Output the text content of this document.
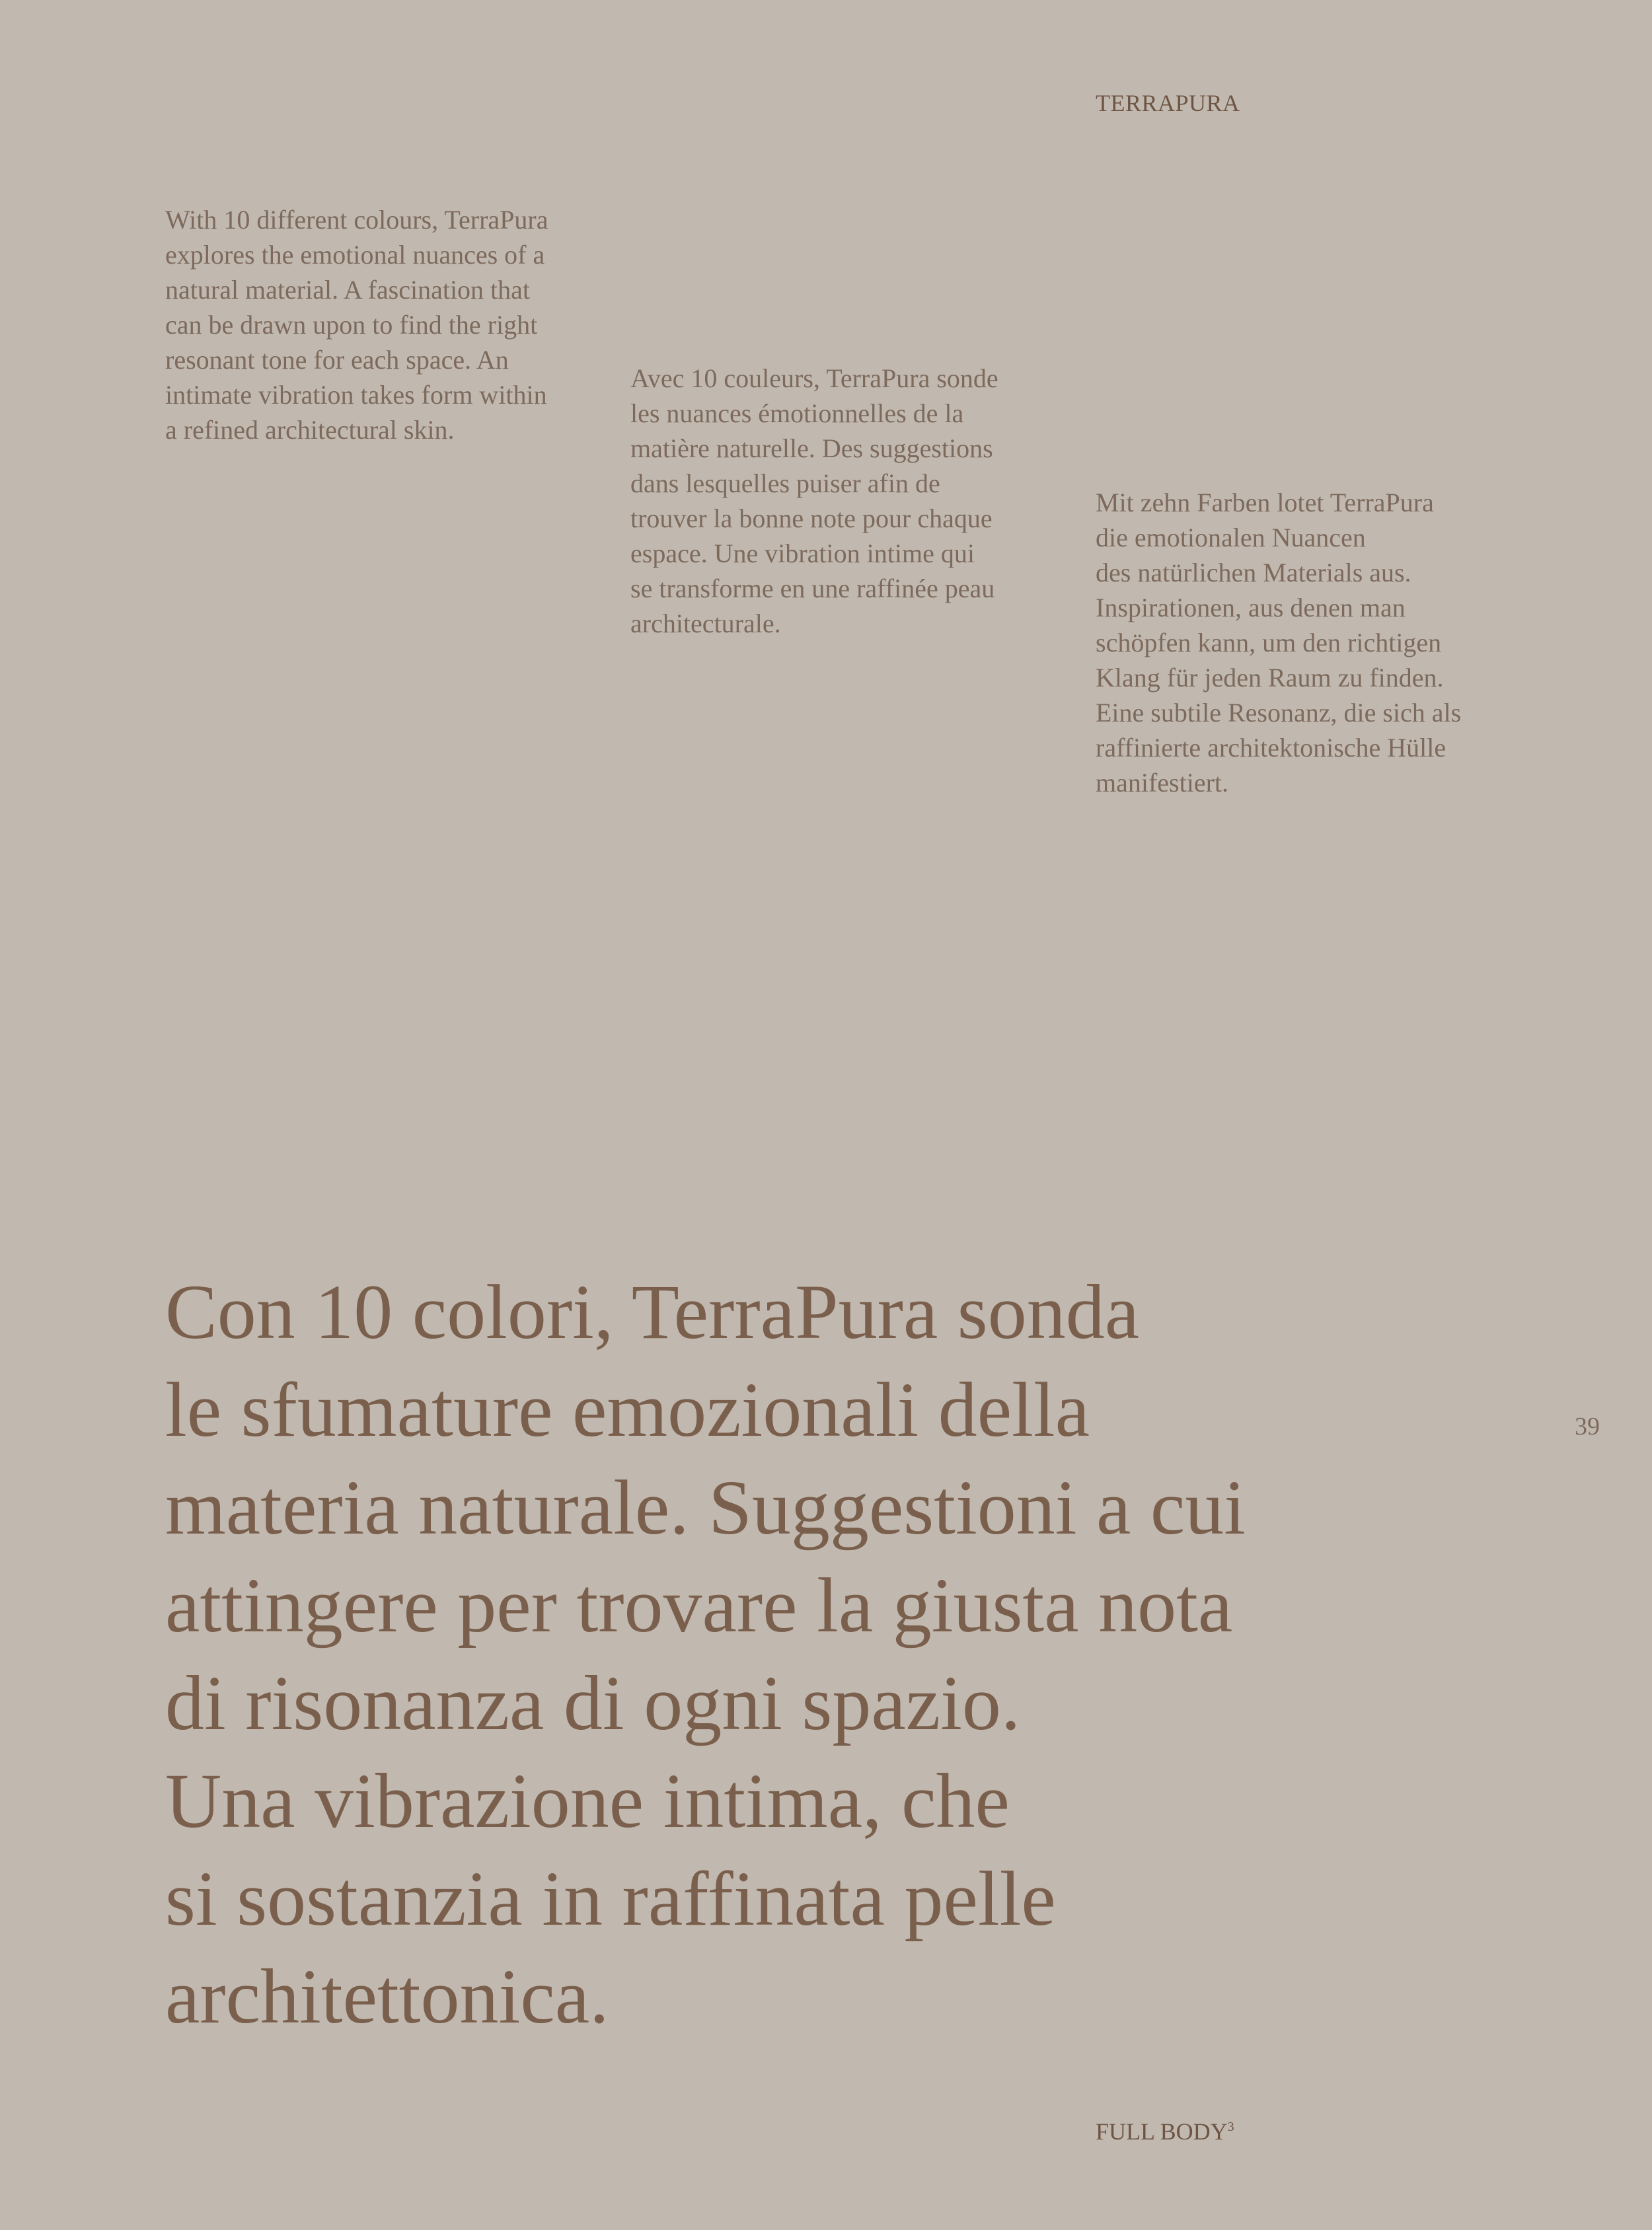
TERRAPURA

With 10 different colours, TerraPura
explores the emotional nuances of a
natural material. A fascination that
can be drawn upon to find the right
resonant tone for each space. An
intimate vibration takes form within
a refined architectural skin.
Avec 10 couleurs, TerraPura sonde
les nuances émotionnelles de la
matière naturelle. Des suggestions
dans lesquelles puiser afin de
trouver la bonne note pour chaque
espace. Une vibration intime qui
se transforme en une raffinée peau
architecturale.
Mit zehn Farben lotet TerraPura
die emotionalen Nuancen
des natürlichen Materials aus.
Inspirationen, aus denen man
schöpfen kann, um den richtigen
Klang für jeden Raum zu finden.
Eine subtile Resonanz, die sich als
raffinierte architektonische Hülle
manifestiert.
Con 10 colori, TerraPura sonda
le sfumature emozionali della
materia naturale. Suggestioni a cui
attingere per trovare la giusta nota
di risonanza di ogni spazio.
Una vibrazione intima, che
si sostanzia in raffinata pelle
architettonica.

39

FULL BODY$^3$
